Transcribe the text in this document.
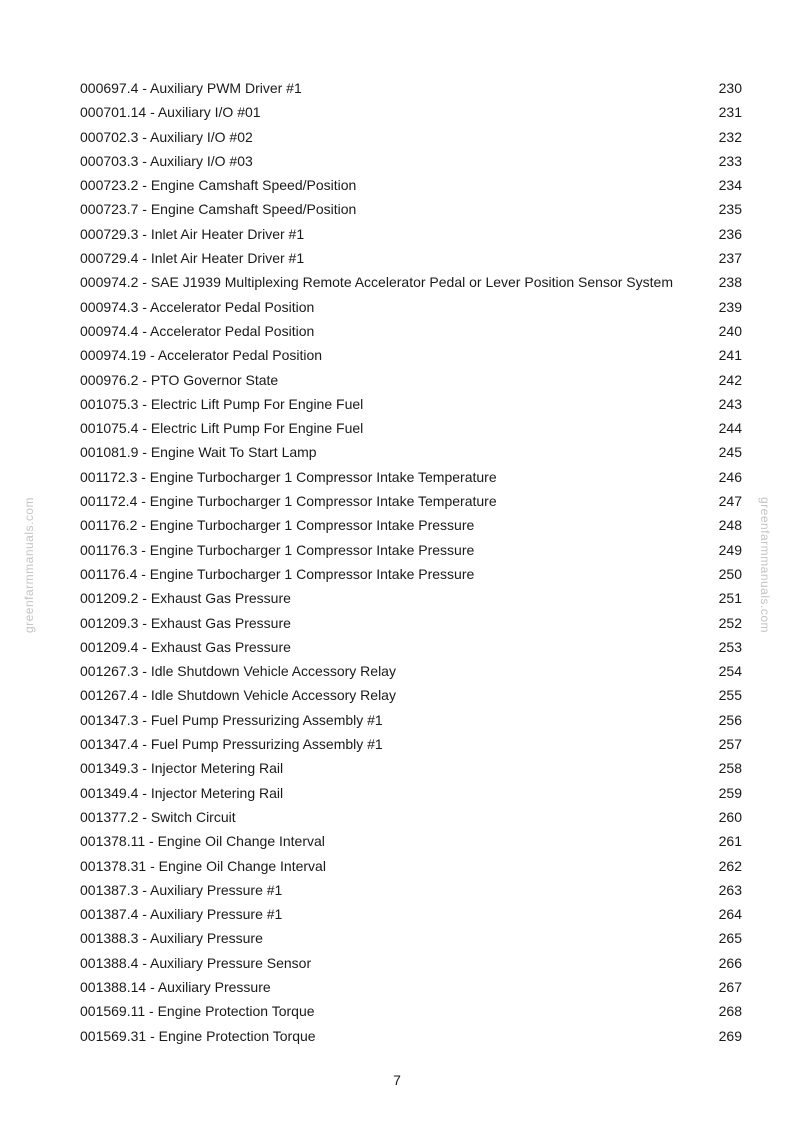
greenfarmmanuals.com	greenfarmmanuals.com
000697.4 - Auxiliary PWM Driver #1	230
000701.14 - Auxiliary I/O #01	231
000702.3 - Auxiliary I/O #02	232
000703.3 - Auxiliary I/O #03	233
000723.2 - Engine Camshaft Speed/Position	234
000723.7 - Engine Camshaft Speed/Position	235
000729.3 - Inlet Air Heater Driver #1	236
000729.4 - Inlet Air Heater Driver #1	237
000974.2 - SAE J1939 Multiplexing Remote Accelerator Pedal or Lever Position Sensor System	238
000974.3 - Accelerator Pedal Position	239
000974.4 - Accelerator Pedal Position	240
000974.19 - Accelerator Pedal Position	241
000976.2 - PTO Governor State	242
001075.3 - Electric Lift Pump For Engine Fuel	243
001075.4 - Electric Lift Pump For Engine Fuel	244
001081.9 - Engine Wait To Start Lamp	245
001172.3 - Engine Turbocharger 1 Compressor Intake Temperature	246
001172.4 - Engine Turbocharger 1 Compressor Intake Temperature	247
001176.2 - Engine Turbocharger 1 Compressor Intake Pressure	248
001176.3 - Engine Turbocharger 1 Compressor Intake Pressure	249
001176.4 - Engine Turbocharger 1 Compressor Intake Pressure	250
001209.2 - Exhaust Gas Pressure	251
001209.3 - Exhaust Gas Pressure	252
001209.4 - Exhaust Gas Pressure	253
001267.3 - Idle Shutdown Vehicle Accessory Relay	254
001267.4 - Idle Shutdown Vehicle Accessory Relay	255
001347.3 - Fuel Pump Pressurizing Assembly #1	256
001347.4 - Fuel Pump Pressurizing Assembly #1	257
001349.3 - Injector Metering Rail	258
001349.4 - Injector Metering Rail	259
001377.2 - Switch Circuit	260
001378.11 - Engine Oil Change Interval	261
001378.31 - Engine Oil Change Interval	262
001387.3 - Auxiliary Pressure #1	263
001387.4 - Auxiliary Pressure #1	264
001388.3 - Auxiliary Pressure	265
001388.4 - Auxiliary Pressure Sensor	266
001388.14 - Auxiliary Pressure	267
001569.11 - Engine Protection Torque	268
001569.31 - Engine Protection Torque	269
7
